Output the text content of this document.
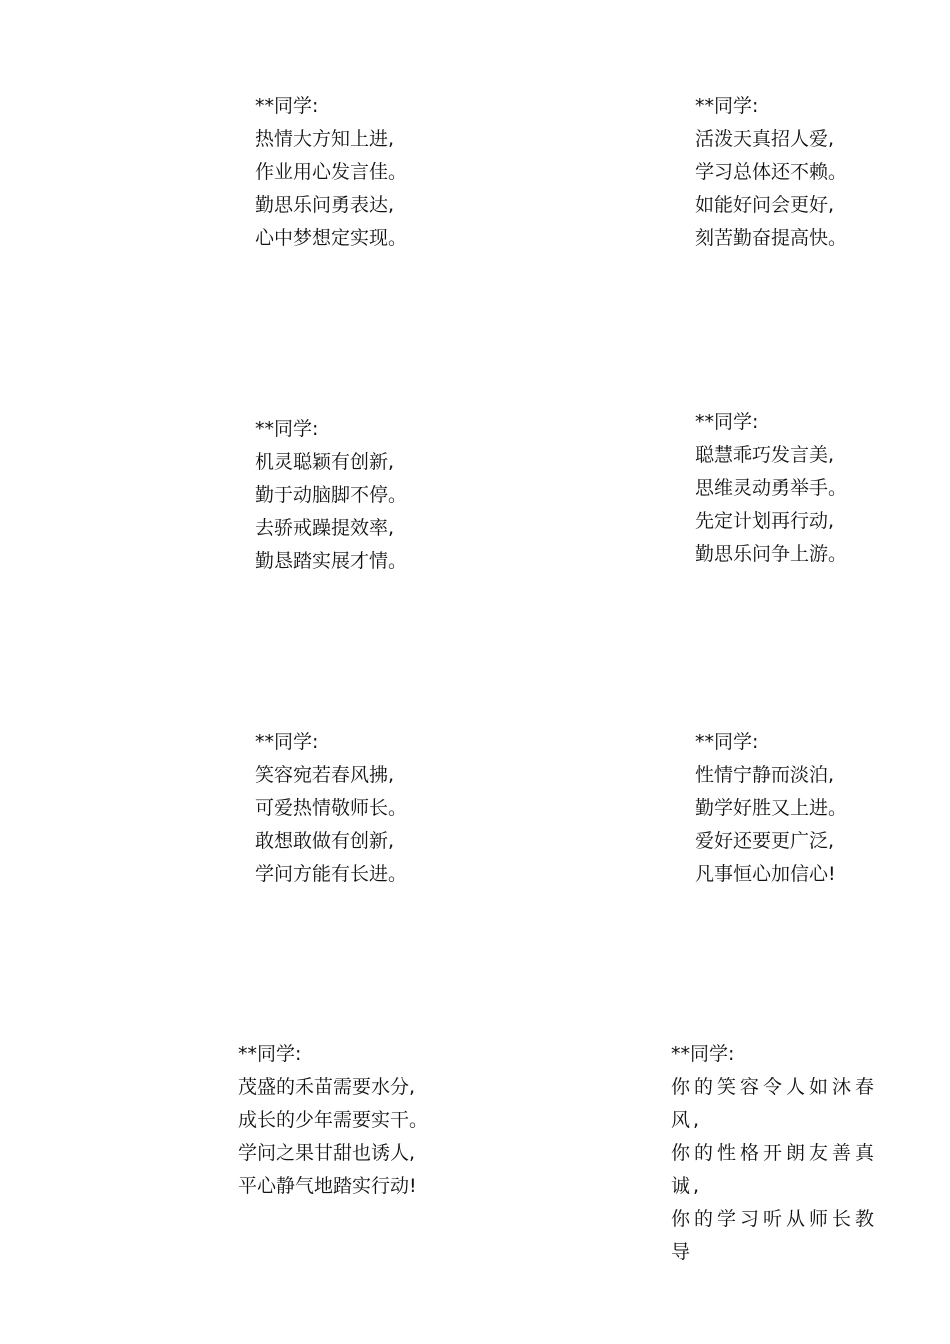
**同学:
热情大方知上进,
作业用心发言佳。
勤思乐问勇表达,
心中梦想定实现。
**同学:
活泼天真招人爱,
学习总体还不赖。
如能好问会更好,
刻苦勤奋提高快。
**同学:
机灵聪颖有创新,
勤于动脑脚不停。
去骄戒躁提效率,
勤恳踏实展才情。
**同学:
聪慧乖巧发言美,
思维灵动勇举手。
先定计划再行动,
勤思乐问争上游。
**同学:
笑容宛若春风拂,
可爱热情敬师长。
敢想敢做有创新,
学问方能有长进。
**同学:
性情宁静而淡泊,
勤学好胜又上进。
爱好还要更广泛,
凡事恒心加信心!
**同学:
茂盛的禾苗需要水分,
成长的少年需要实干。
学问之果甘甜也诱人,
平心静气地踏实行动!
**同学:
你的笑容令人如沐春风,
你的性格开朗友善真诚,
你的学习听从师长教导
